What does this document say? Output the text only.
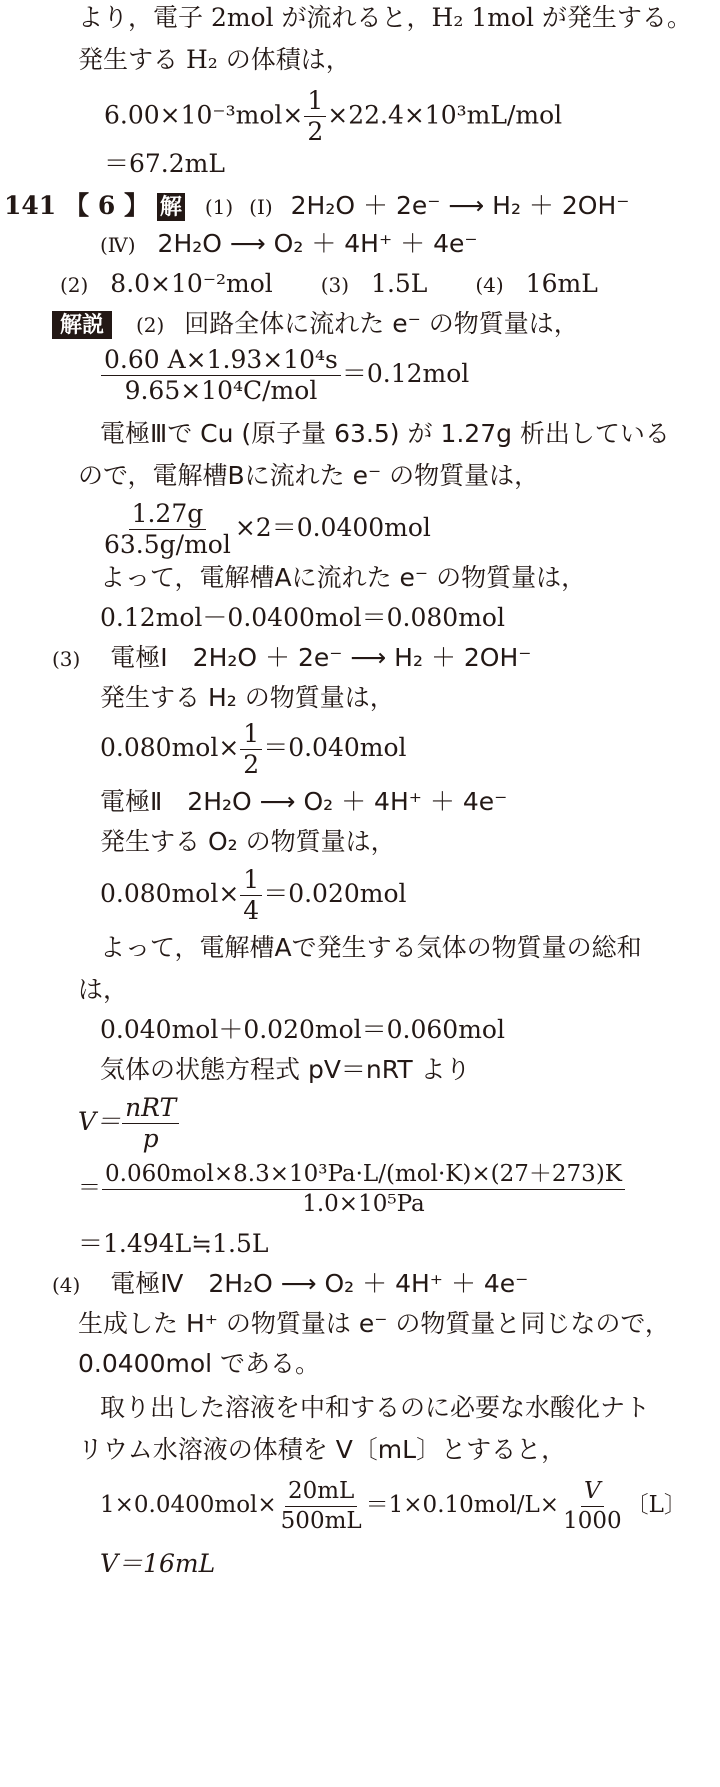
より，電子 2mol が流れると，H₂ 1mol が発生する。
発生する H₂ の体積は，
$6.00\times 10^{-3}mol\times \frac{1}{2} \times 22.4\times 10^3mL/mol$
＝67.2mL
141 【 6 】 解 (1) (Ⅰ) 2H₂O ＋ 2e⁻ ⟶ H₂ ＋ 2OH⁻
(Ⅳ) 2H₂O ⟶ O₂ ＋ 4H⁺ ＋ 4e⁻
(2) 8.0×10⁻²mol (3) 1.5L (4) 16mL
解説 (2) 回路全体に流れた e⁻ の物質量は，
$\frac{\text{0.60 A×1.93×10⁴s}}{\text{9.65×10⁴C/mol}} =0.12mol$
電極Ⅲで Cu (原子量 63.5) が 1.27g 析出している
ので，電解槽Bに流れた e⁻ の物質量は，
$\frac{1.27g}{\text{63.5g/mol}} \times 2=0.0400mol$
よって，電解槽Aに流れた e⁻ の物質量は，
0.12mol－0.0400mol＝0.080mol
(3) 電極Ⅰ　2H₂O ＋ 2e⁻ ⟶ H₂ ＋ 2OH⁻
発生する H₂ の物質量は，
$0.080mol\times \frac{1}{2} =0.040mol$
電極Ⅱ　2H₂O ⟶ O₂ ＋ 4H⁺ ＋ 4e⁻
発生する O₂ の物質量は，
$0.080mol\times \frac{1}{4} =0.020mol$
よって，電解槽Aで発生する気体の物質量の総和
は，
0.040mol＋0.020mol＝0.060mol
気体の状態方程式 pV＝nRT より
$V= \frac{\text{nRT}}{p}$
＝ $\frac{\text{0.060mol×8.3×10³Pa·L/(mol·K)×(27＋273)K}}{\text{1.0×10⁵Pa}}$
＝1.494L≒1.5L
(4) 電極Ⅳ　2H₂O ⟶ O₂ ＋ 4H⁺ ＋ 4e⁻
生成した H⁺ の物質量は e⁻ の物質量と同じなので，
0.0400mol である。
取り出した溶液を中和するのに必要な水酸化ナト
リウム水溶液の体積を V〔mL〕とすると，
$1\times 0.0400mol\times \frac{20mL}{500mL} =1\times 0.10mol/L\times \frac{V}{1000}$ 〔L〕
V＝16mL
